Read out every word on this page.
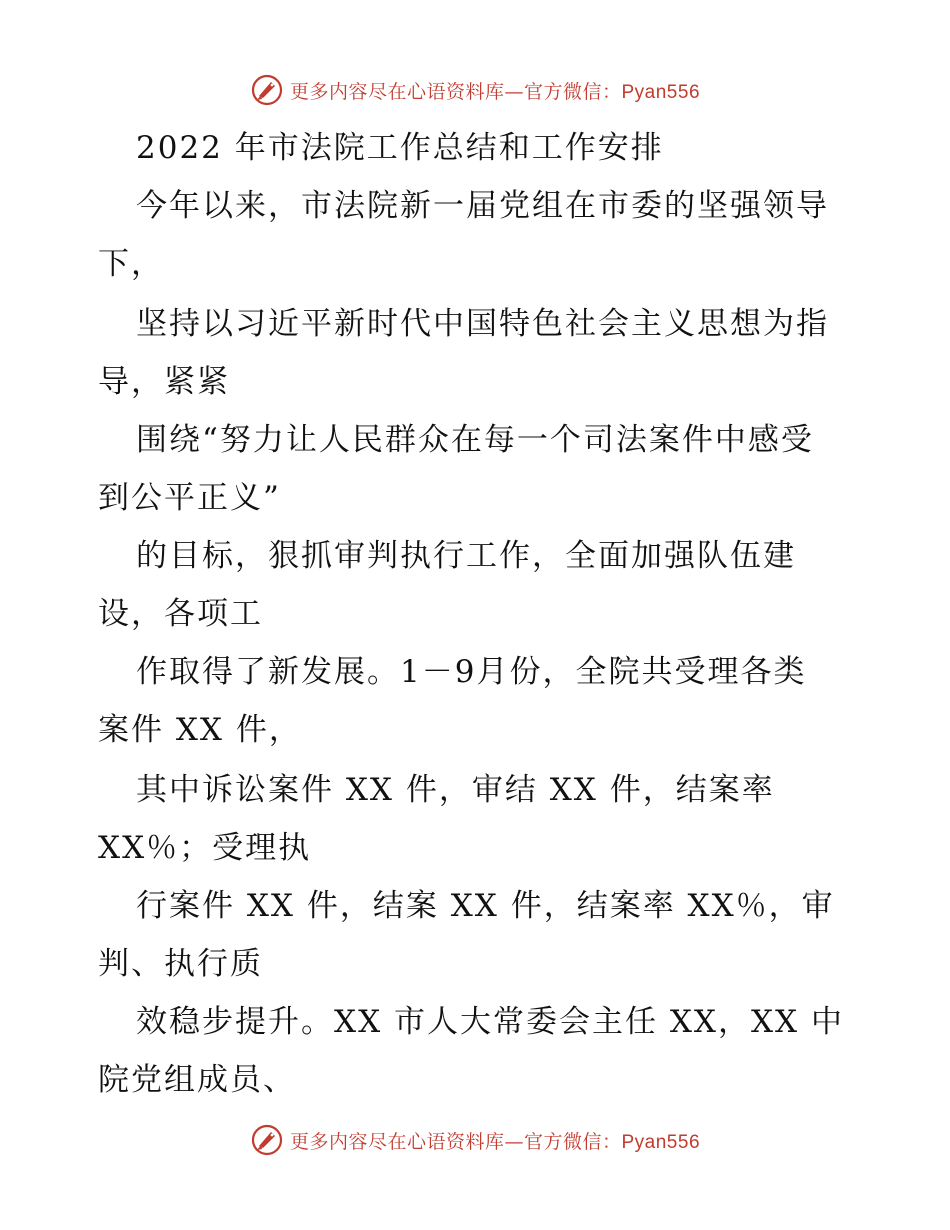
更多内容尽在心语资料库—官方微信：Pyan556
2022 年市法院工作总结和工作安排
今年以来，市法院新一届党组在市委的坚强领导
下，
坚持以习近平新时代中国特色社会主义思想为指
导，紧紧
围绕“努力让人民群众在每一个司法案件中感受
到公平正义”
的目标，狠抓审判执行工作，全面加强队伍建
设，各项工
作取得了新发展。1－9月份，全院共受理各类
案件 XX 件，
其中诉讼案件 XX 件，审结 XX 件，结案率
XX％；受理执
行案件 XX 件，结案 XX 件，结案率 XX％，审
判、执行质
效稳步提升。XX 市人大常委会主任 XX，XX 中
院党组成员、
更多内容尽在心语资料库—官方微信：Pyan556
